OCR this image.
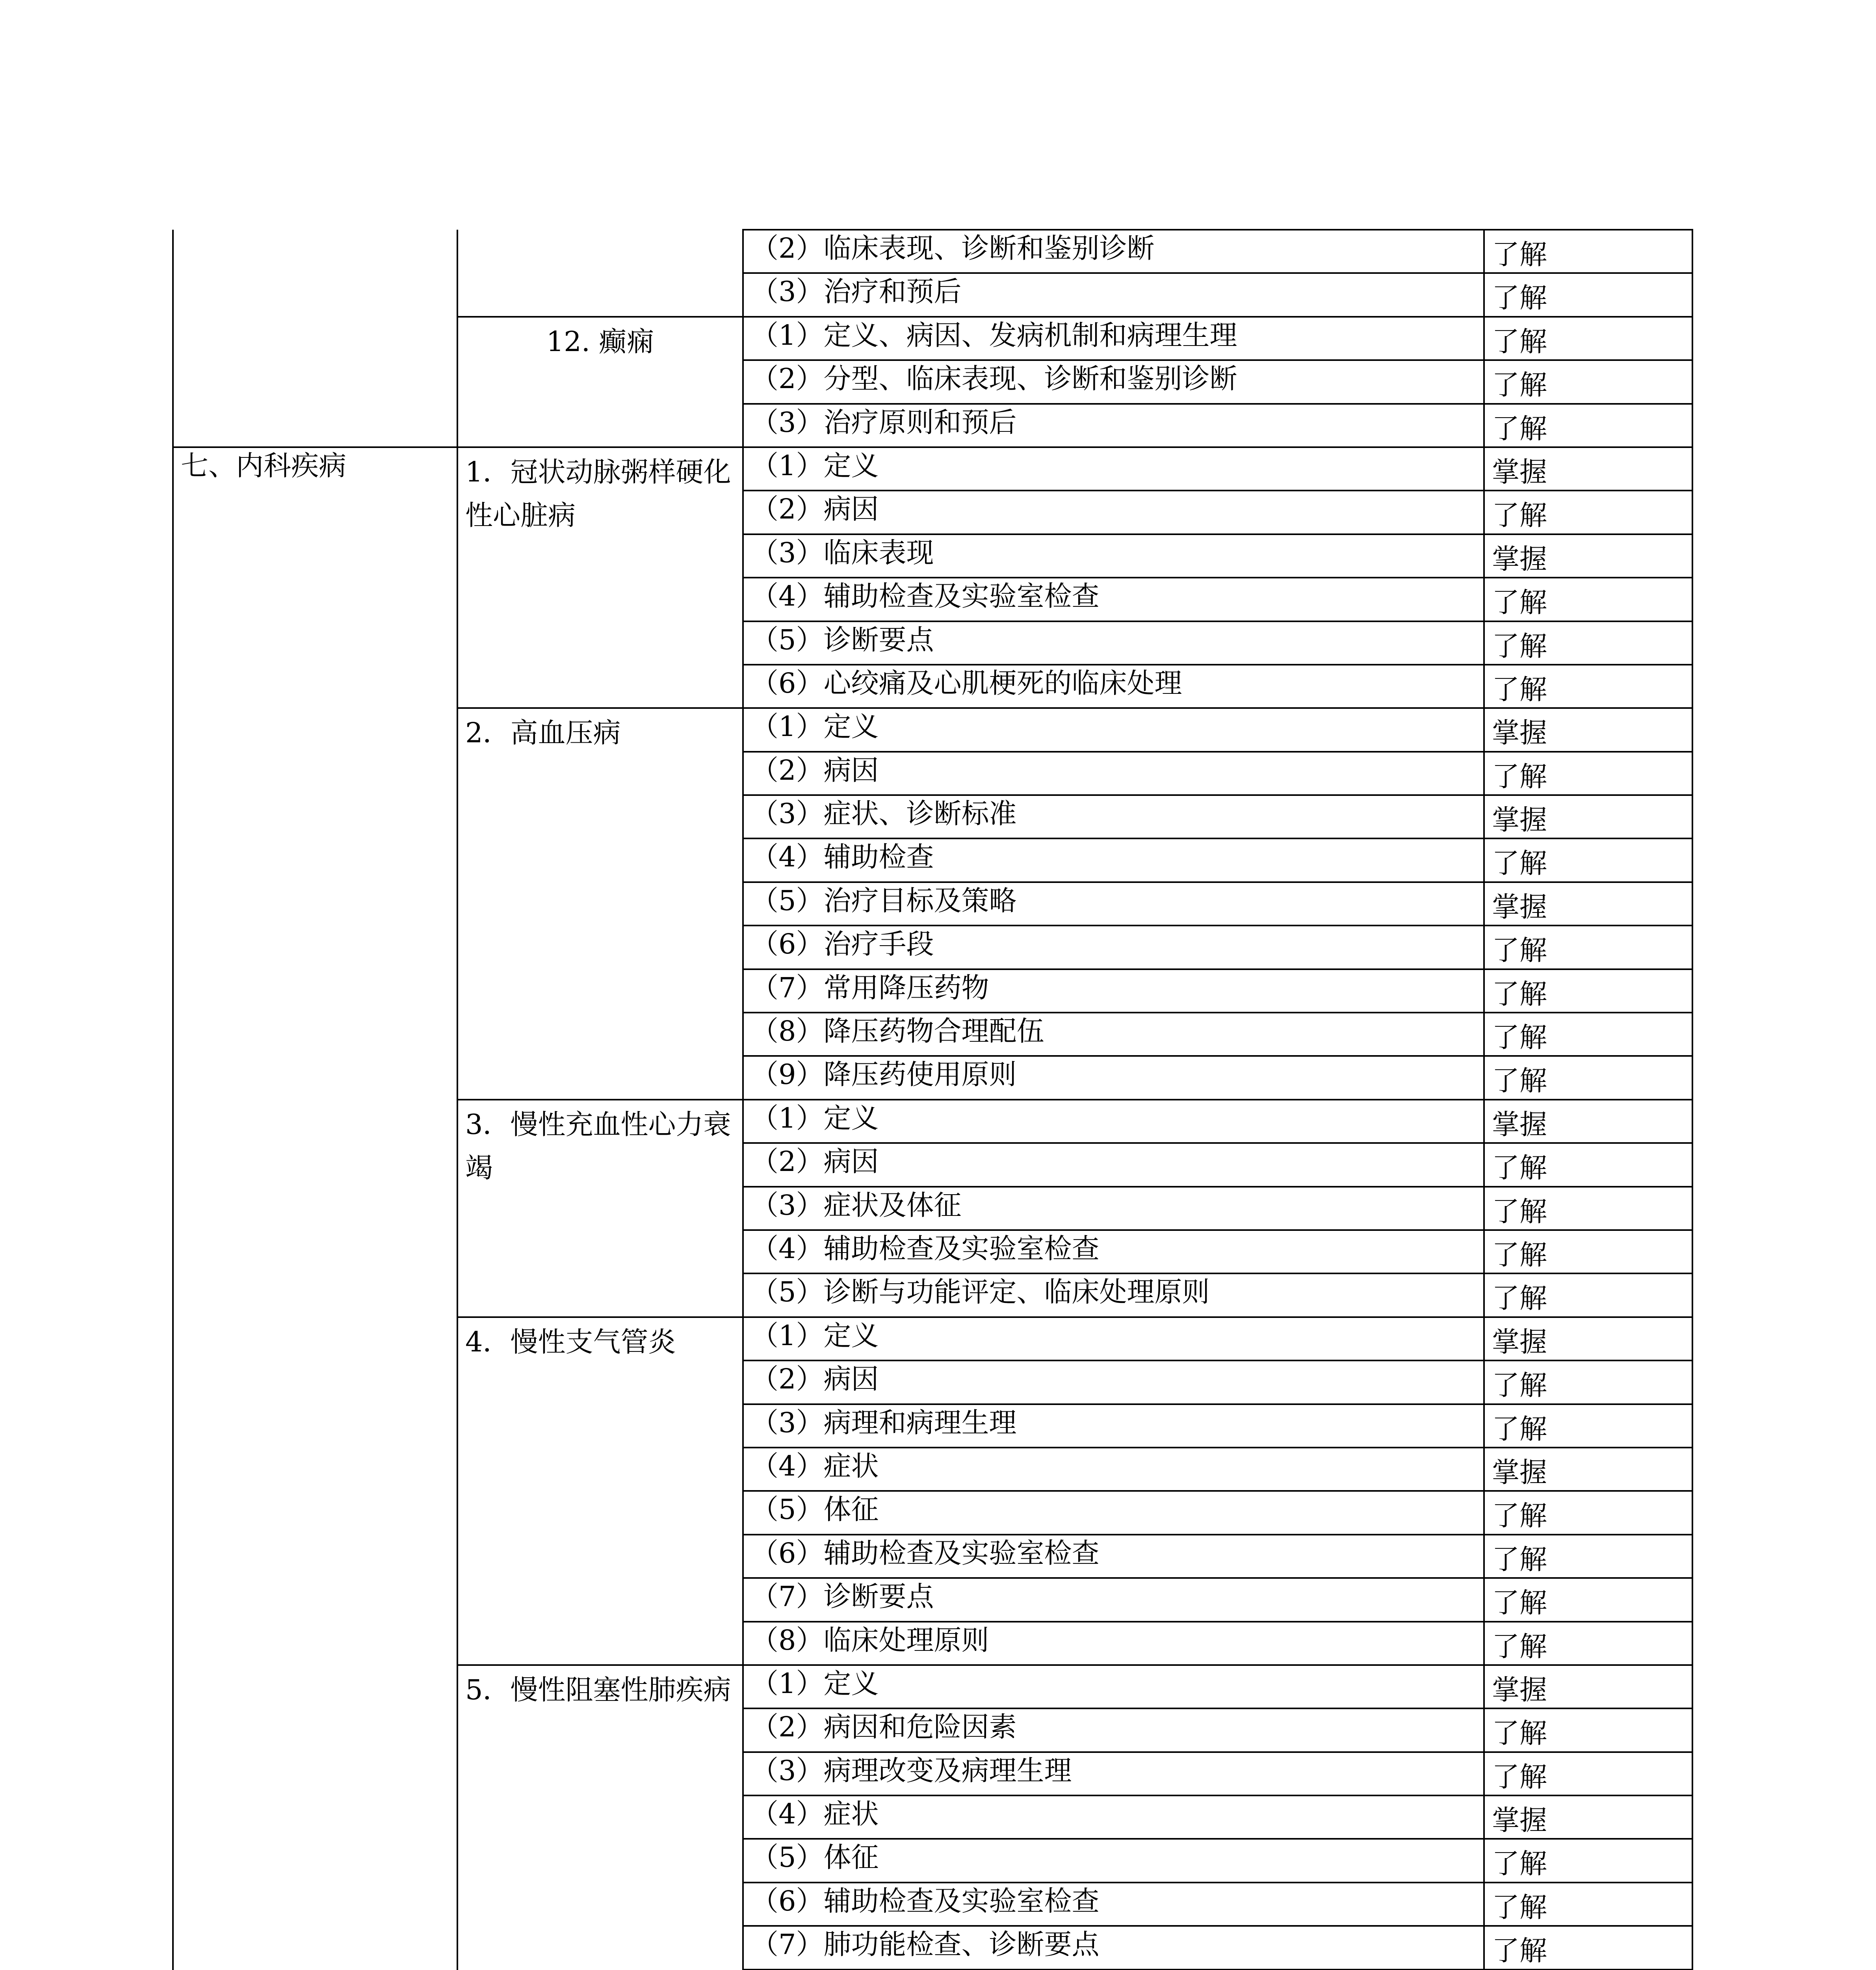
		（2）临床表现、诊断和鉴别诊断	了解
		（3）治疗和预后	了解
	12. 癫痫	（1）定义、病因、发病机制和病理生理	了解
		（2）分型、临床表现、诊断和鉴别诊断	了解
		（3）治疗原则和预后	了解
七、内科疾病	1．冠状动脉粥样硬化性心脏病	（1）定义	掌握
		（2）病因	了解
		（3）临床表现	掌握
		（4）辅助检查及实验室检查	了解
		（5）诊断要点	了解
		（6）心绞痛及心肌梗死的临床处理	了解
	2．高血压病	（1）定义	掌握
		（2）病因	了解
		（3）症状、诊断标准	掌握
		（4）辅助检查	了解
		（5）治疗目标及策略	掌握
		（6）治疗手段	了解
		（7）常用降压药物	了解
		（8）降压药物合理配伍	了解
		（9）降压药使用原则	了解
	3．慢性充血性心力衰竭	（1）定义	掌握
		（2）病因	了解
		（3）症状及体征	了解
		（4）辅助检查及实验室检查	了解
		（5）诊断与功能评定、临床处理原则	了解
	4．慢性支气管炎	（1）定义	掌握
		（2）病因	了解
		（3）病理和病理生理	了解
		（4）症状	掌握
		（5）体征	了解
		（6）辅助检查及实验室检查	了解
		（7）诊断要点	了解
		（8）临床处理原则	了解
	5．慢性阻塞性肺疾病	（1）定义	掌握
		（2）病因和危险因素	了解
		（3）病理改变及病理生理	了解
		（4）症状	掌握
		（5）体征	了解
		（6）辅助检查及实验室检查	了解
		（7）肺功能检查、诊断要点	了解
